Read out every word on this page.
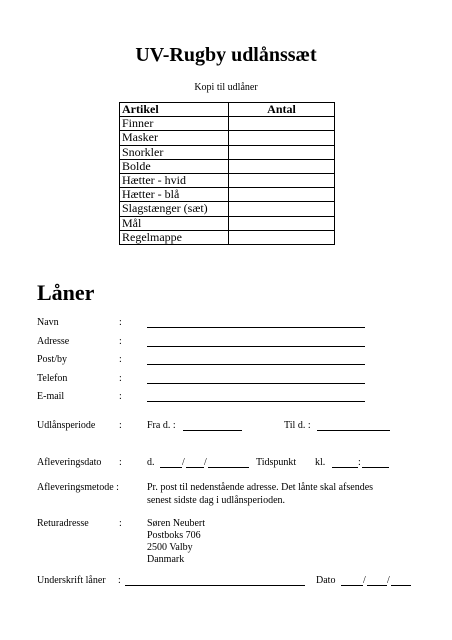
UV-Rugby udlånssæt
Kopi til udlåner
Artikel	Antal
Finner	
Masker	
Snorkler	
Bolde	
Hætter - hvid	
Hætter - blå	
Slagstænger (sæt)	
Mål	
Regelmappe	
Låner
Navn	:
Adresse	:
Post/by	:
Telefon	:
E-mail	:
Udlånsperiode :	Fra d. :	Til d. :
Afleveringsdato :	d.	/ /	Tidspunkt kl.	:
Afleveringsmetode :	Pr. post til nedenstående adresse. Det lånte skal afsendes
senest sidste dag i udlånsperioden.
Returadresse	:	Søren Neubert
Postboks 706
2500 Valby
Danmark
Underskrift låner :	Dato	/ /
